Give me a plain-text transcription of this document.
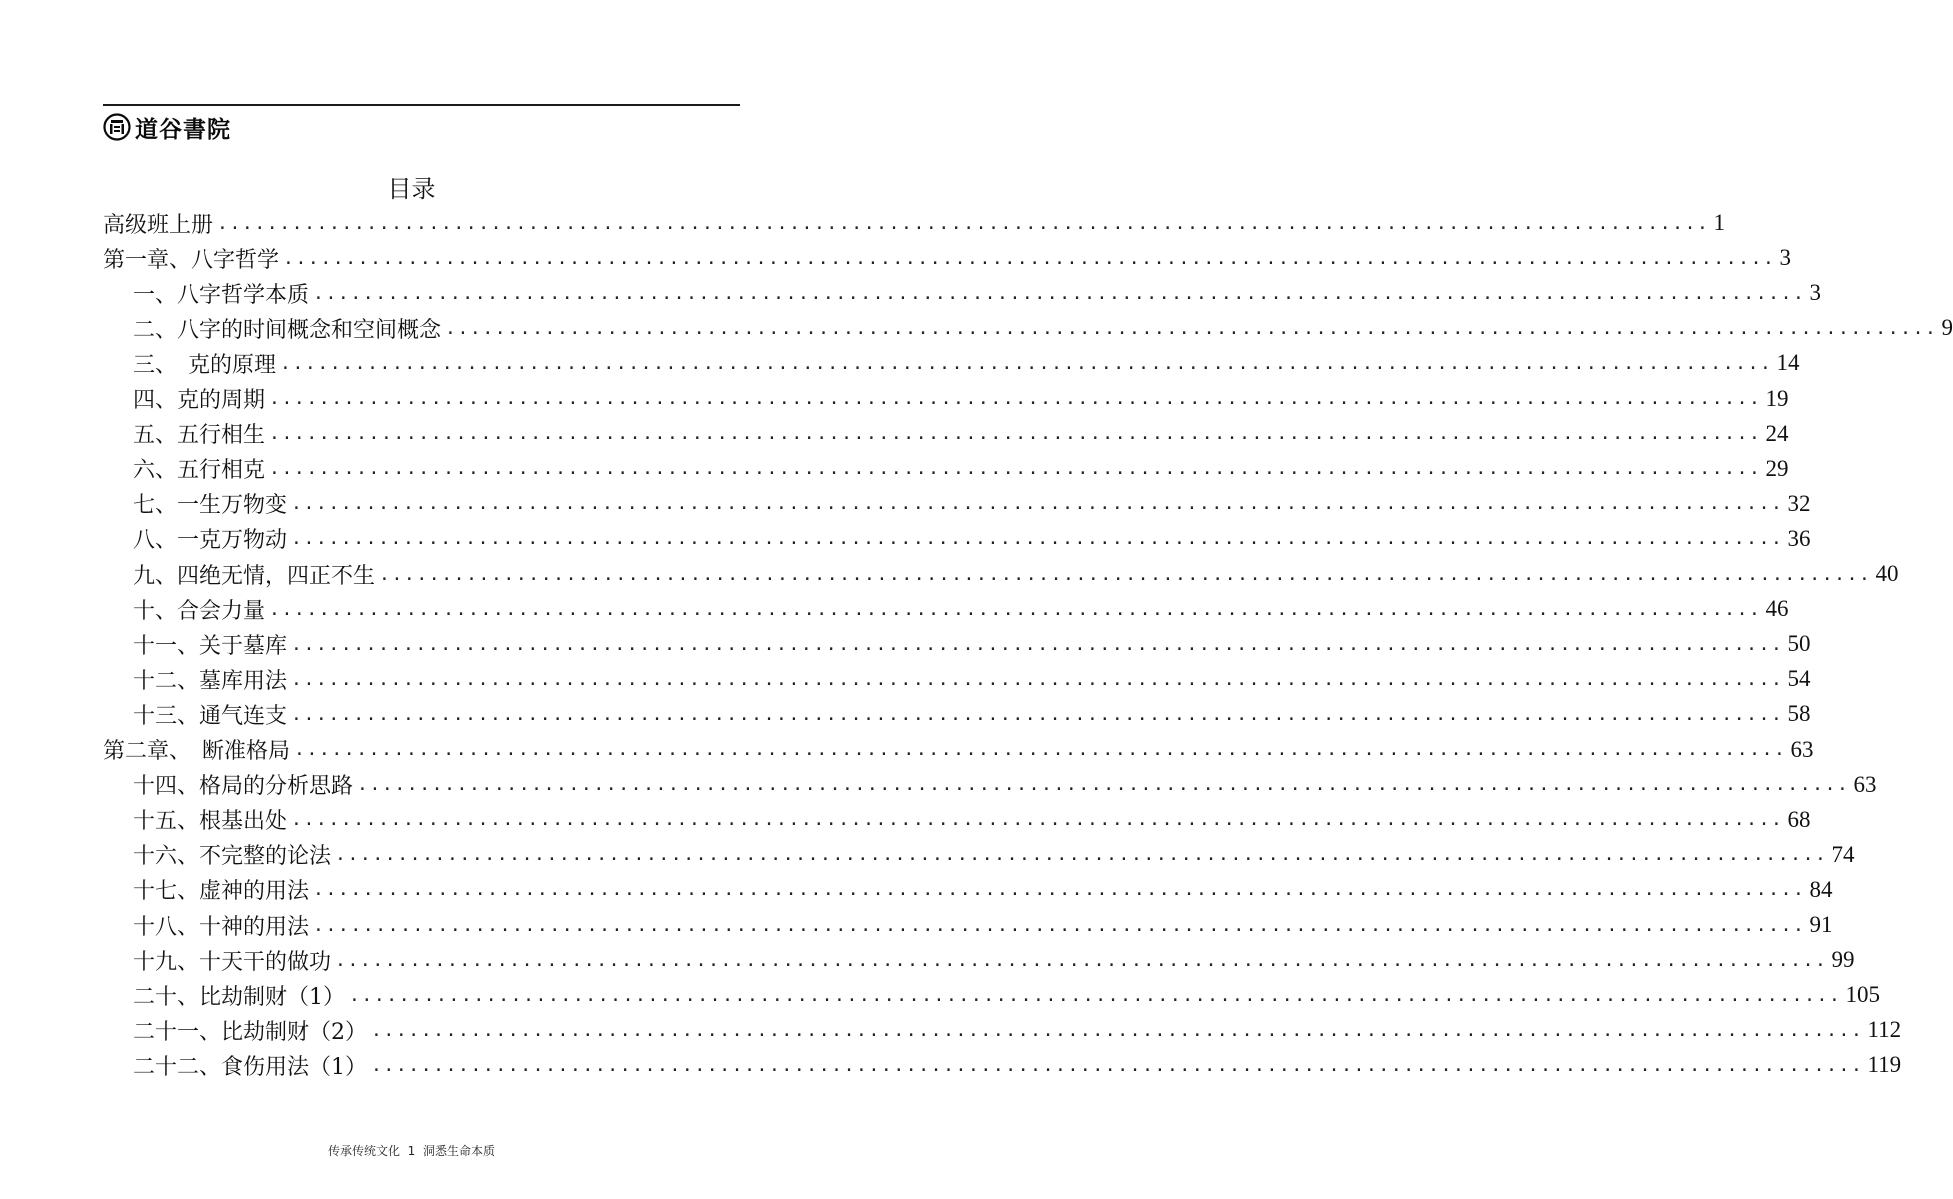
道谷書院
目录
高级班上册 ........................................................................................................................ 1
第一章、八字哲学 ........................................................................................................................ 3
一、八字哲学本质 ........................................................................................................................ 3
二、八字的时间概念和空间概念 ........................................................................................................................ 9
三、　克的原理 ........................................................................................................................ 14
四、克的周期 ........................................................................................................................ 19
五、五行相生 ........................................................................................................................ 24
六、五行相克 ........................................................................................................................ 29
七、一生万物变 ........................................................................................................................ 32
八、一克万物动 ........................................................................................................................ 36
九、四绝无情，四正不生 ........................................................................................................................ 40
十、合会力量 ........................................................................................................................ 46
十一、关于墓库 ........................................................................................................................ 50
十二、墓库用法 ........................................................................................................................ 54
十三、通气连支 ........................................................................................................................ 58
第二章、　断准格局 ........................................................................................................................ 63
十四、格局的分析思路 ........................................................................................................................ 63
十五、根基出处 ........................................................................................................................ 68
十六、不完整的论法 ........................................................................................................................ 74
十七、虚神的用法 ........................................................................................................................ 84
十八、十神的用法 ........................................................................................................................ 91
十九、十天干的做功 ........................................................................................................................ 99
二十、比劫制财（1） ........................................................................................................................ 105
二十一、比劫制财（2） ........................................................................................................................ 112
二十二、食伤用法（1） ........................................................................................................................ 119
传承传统文化  1  洞悉生命本质
